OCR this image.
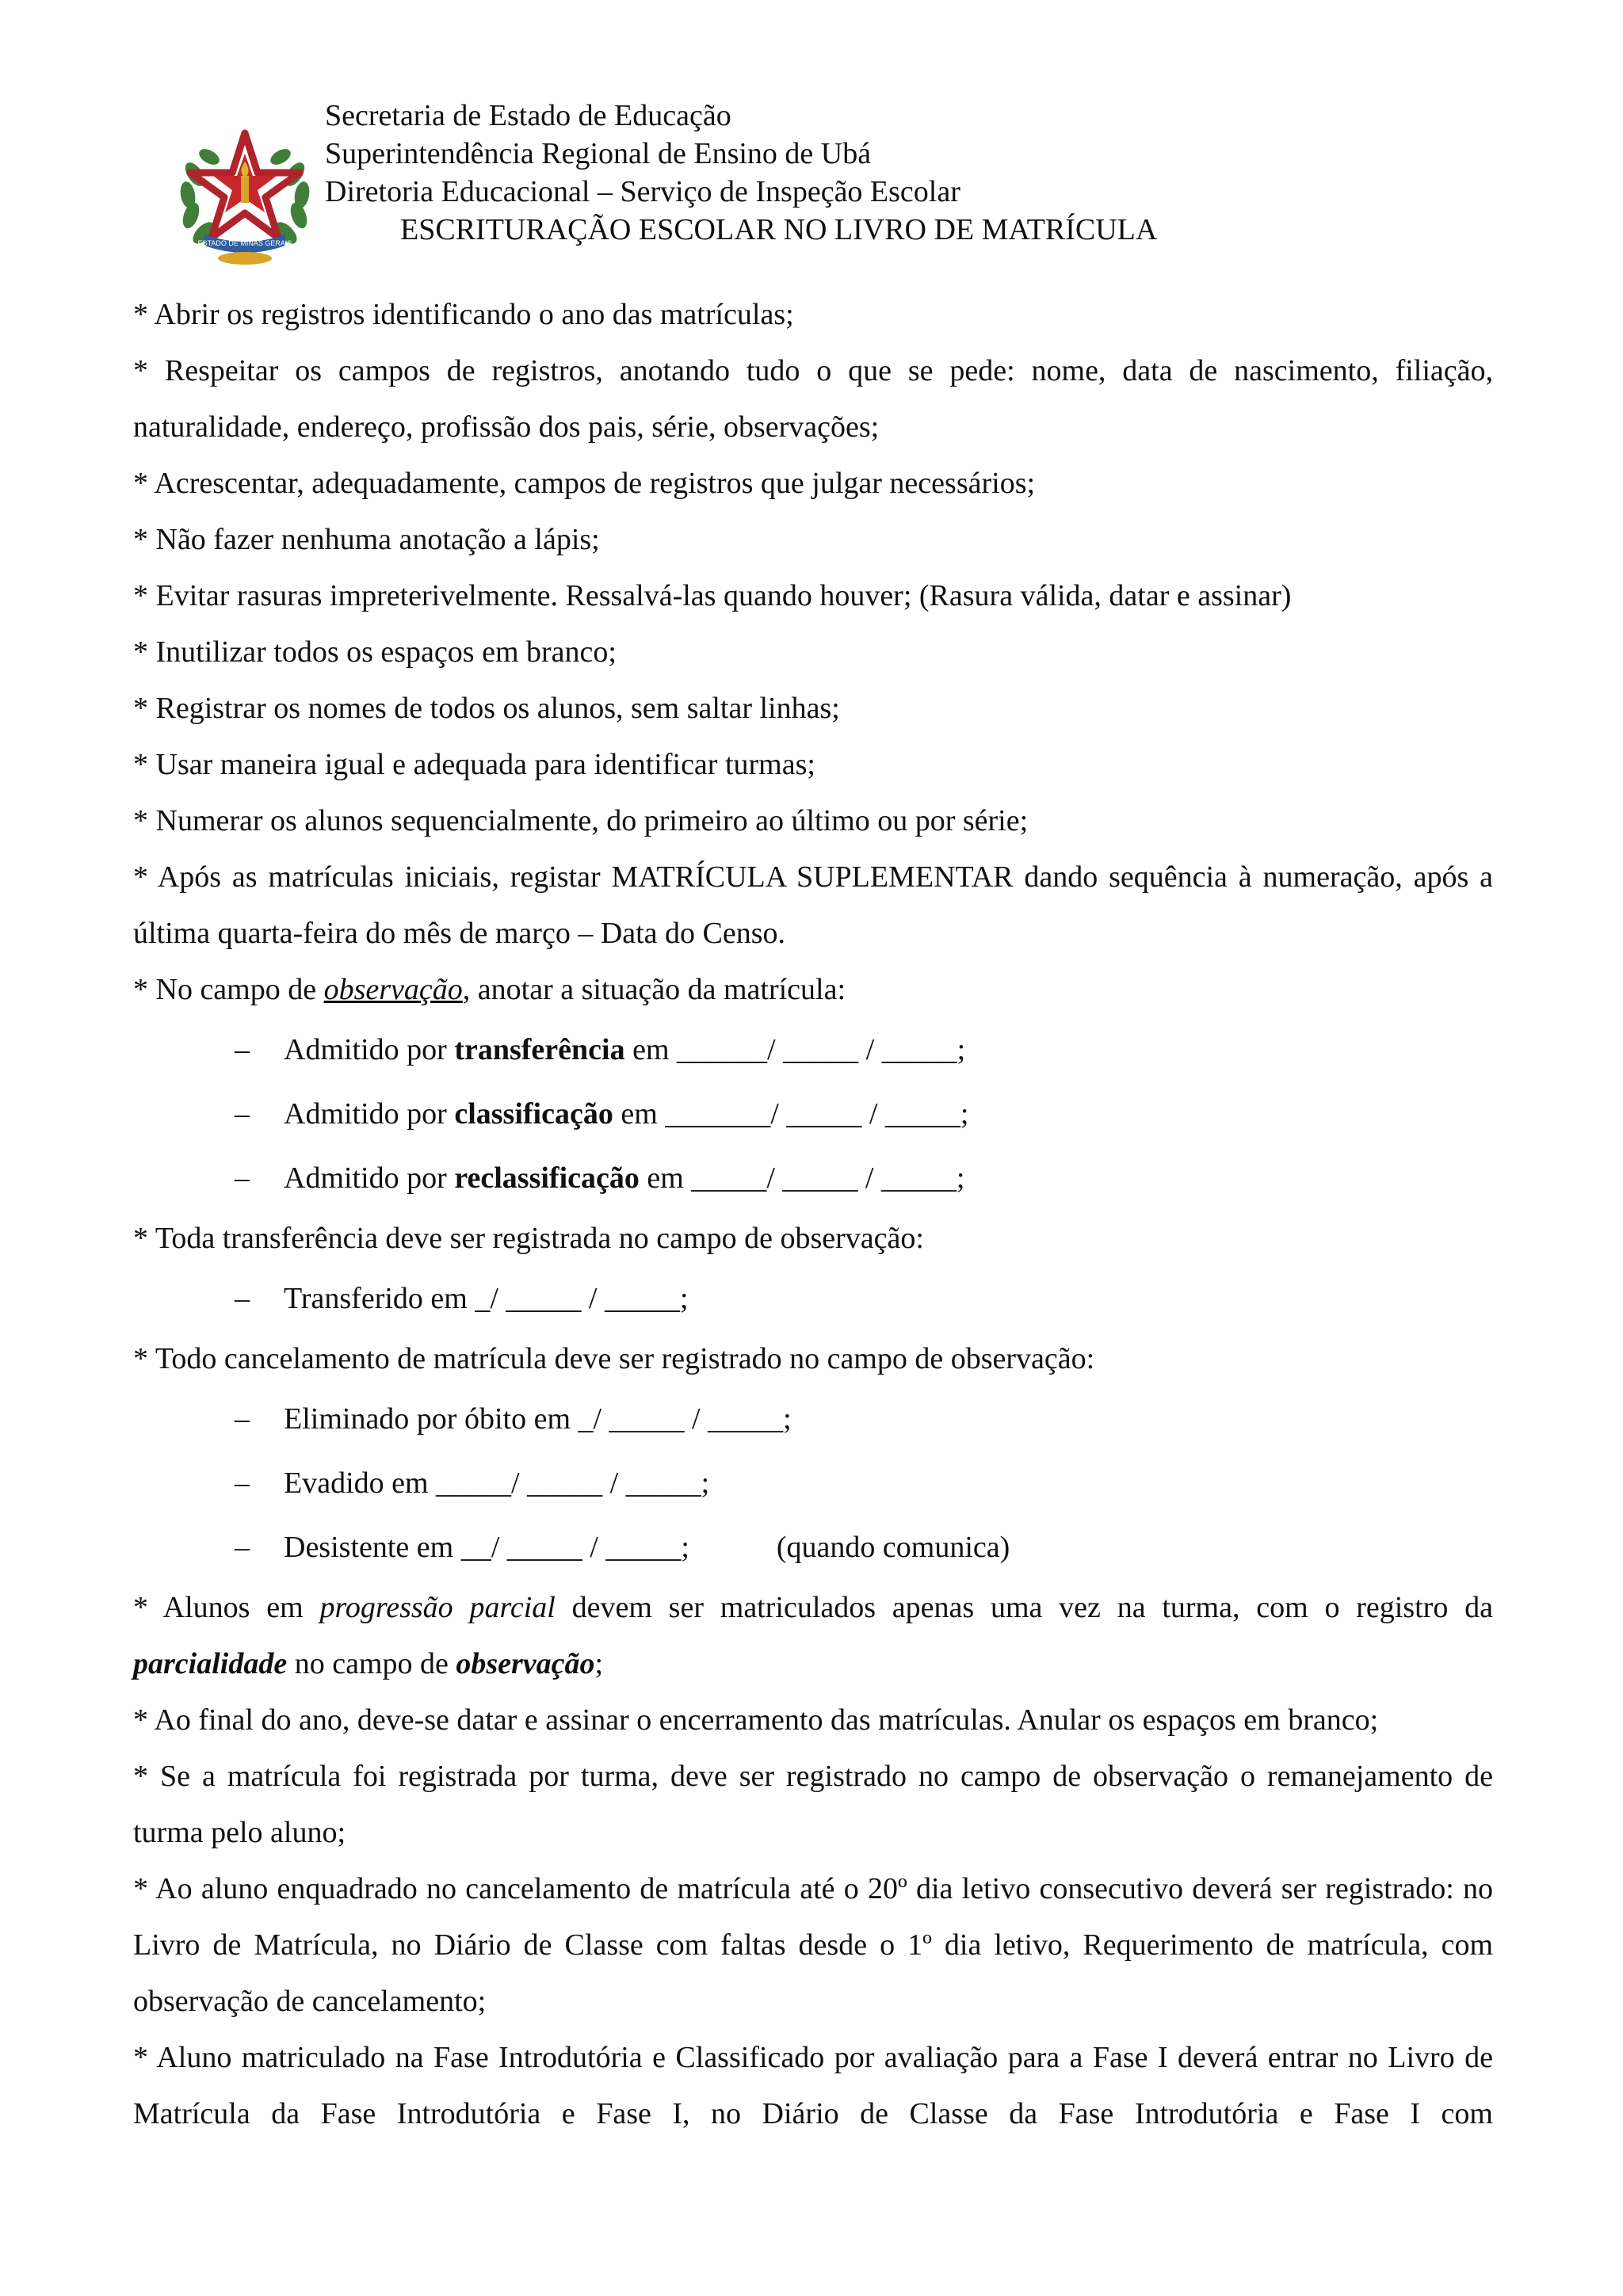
ESTADO DE MINAS GERAIS
Secretaria de Estado de Educação
Superintendência Regional de Ensino de Ubá
Diretoria Educacional – Serviço de Inspeção Escolar
ESCRITURAÇÃO ESCOLAR NO LIVRO DE MATRÍCULA

* Abrir os registros identificando o ano das matrículas;

* Respeitar os campos de registros, anotando tudo o que se pede: nome, data de nascimento, filiação, naturalidade, endereço, profissão dos pais, série, observações;

* Acrescentar, adequadamente, campos de registros que julgar necessários;

* Não fazer nenhuma anotação a lápis;

* Evitar rasuras impreterivelmente. Ressalvá-las quando houver; (Rasura válida, datar e assinar)

* Inutilizar todos os espaços em branco;

* Registrar os nomes de todos os alunos, sem saltar linhas;

* Usar maneira igual e adequada para identificar turmas;

* Numerar os alunos sequencialmente, do primeiro ao último ou por série;

* Após as matrículas iniciais, registar MATRÍCULA SUPLEMENTAR dando sequência à numeração, após a última quarta-feira do mês de março – Data do Censo.

* No campo de observação, anotar a situação da matrícula:

–	Admitido por transferência em ______/ _____ / _____;
–	Admitido por classificação em _______/ _____ / _____;
–	Admitido por reclassificação em _____/ _____ / _____;

* Toda transferência deve ser registrada no campo de observação:

–	Transferido em _/ _____ / _____;

* Todo cancelamento de matrícula deve ser registrado no campo de observação:

–	Eliminado por óbito em _/ _____ / _____;
–	Evadido em _____/ _____ / _____;
–	Desistente em __/ _____ / _____;	(quando comunica)

* Alunos em progressão parcial devem ser matriculados apenas uma vez na turma, com o registro da parcialidade no campo de observação;

* Ao final do ano, deve-se datar e assinar o encerramento das matrículas. Anular os espaços em branco;

* Se a matrícula foi registrada por turma, deve ser registrado no campo de observação o remanejamento de turma pelo aluno;

* Ao aluno enquadrado no cancelamento de matrícula até o 20º dia letivo consecutivo deverá ser registrado: no Livro de Matrícula, no Diário de Classe com faltas desde o 1º dia letivo, Requerimento de matrícula, com observação de cancelamento;

* Aluno matriculado na Fase Introdutória e Classificado por avaliação para a Fase I deverá entrar no Livro de Matrícula da Fase Introdutória e Fase I, no Diário de Classe da Fase Introdutória e Fase I com
